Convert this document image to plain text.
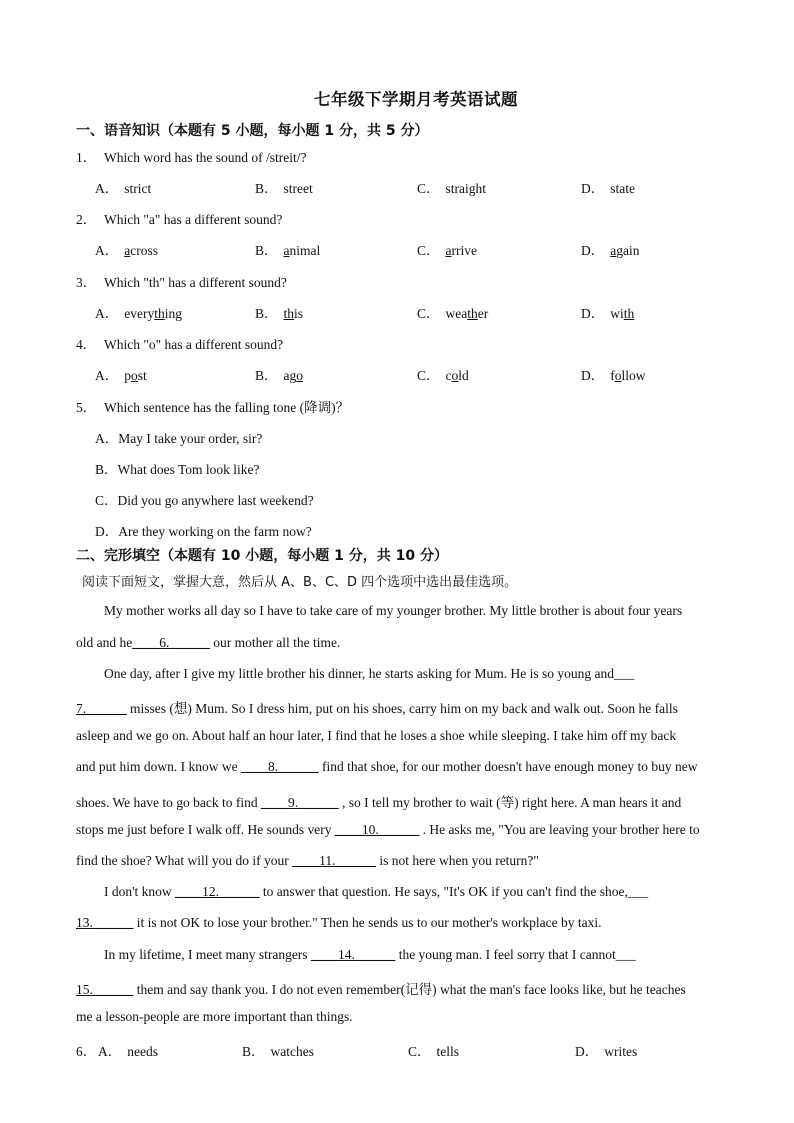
七年级下学期月考英语试题
一、语音知识（本题有 5 小题，每小题 1 分，共 5 分）
1． Which word has the sound of /streit/?
A． strict	B． street	C． straight	D． state
2． Which "a" has a different sound?
A． across	B． animal	C． arrive	D． again
3． Which "th" has a different sound?
A． everything	B． this	C． weather	D． with
4． Which "o" has a different sound?
A． post	B． ago	C． cold	D． follow
5． Which sentence has the falling tone (降调)？
A．May I take your order, sir?
B．What does Tom look like?
C．Did you go anywhere last weekend?
D．Are they working on the farm now?
二、完形填空（本题有 10 小题，每小题 1 分，共 10 分）
阅读下面短文，掌握大意，然后从 A、B、C、D 四个选项中选出最佳选项。
My mother works all day so I have to take care of my younger brother. My little brother is about four years
old and he____6.______ our mother all the time.
One day, after I give my little brother his dinner, he starts asking for Mum. He is so young and___
7.______ misses (想) Mum. So I dress him, put on his shoes, carry him on my back and walk out. Soon he falls
asleep and we go on. About half an hour later, I find that he loses a shoe while sleeping. I take him off my back
and put him down. I know we ____8.______ find that shoe, for our mother doesn't have enough money to buy new
shoes. We have to go back to find ____9.______ , so I tell my brother to wait (等) right here. A man hears it and
stops me just before I walk off. He sounds very ____10.______ . He asks me, "You are leaving your brother here to
find the shoe? What will you do if your ____11.______ is not here when you return?"
I don't know ____12.______ to answer that question. He says, "It's OK if you can't find the shoe,___
13.______ it is not OK to lose your brother." Then he sends us to our mother's workplace by taxi.
In my lifetime, I meet many strangers ____14.______ the young man. I feel sorry that I cannot___
15.______ them and say thank you. I do not even remember(记得) what the man's face looks like, but he teaches
me a lesson-people are more important than things.
6． A． needs	B． watches	C． tells	D． writes
